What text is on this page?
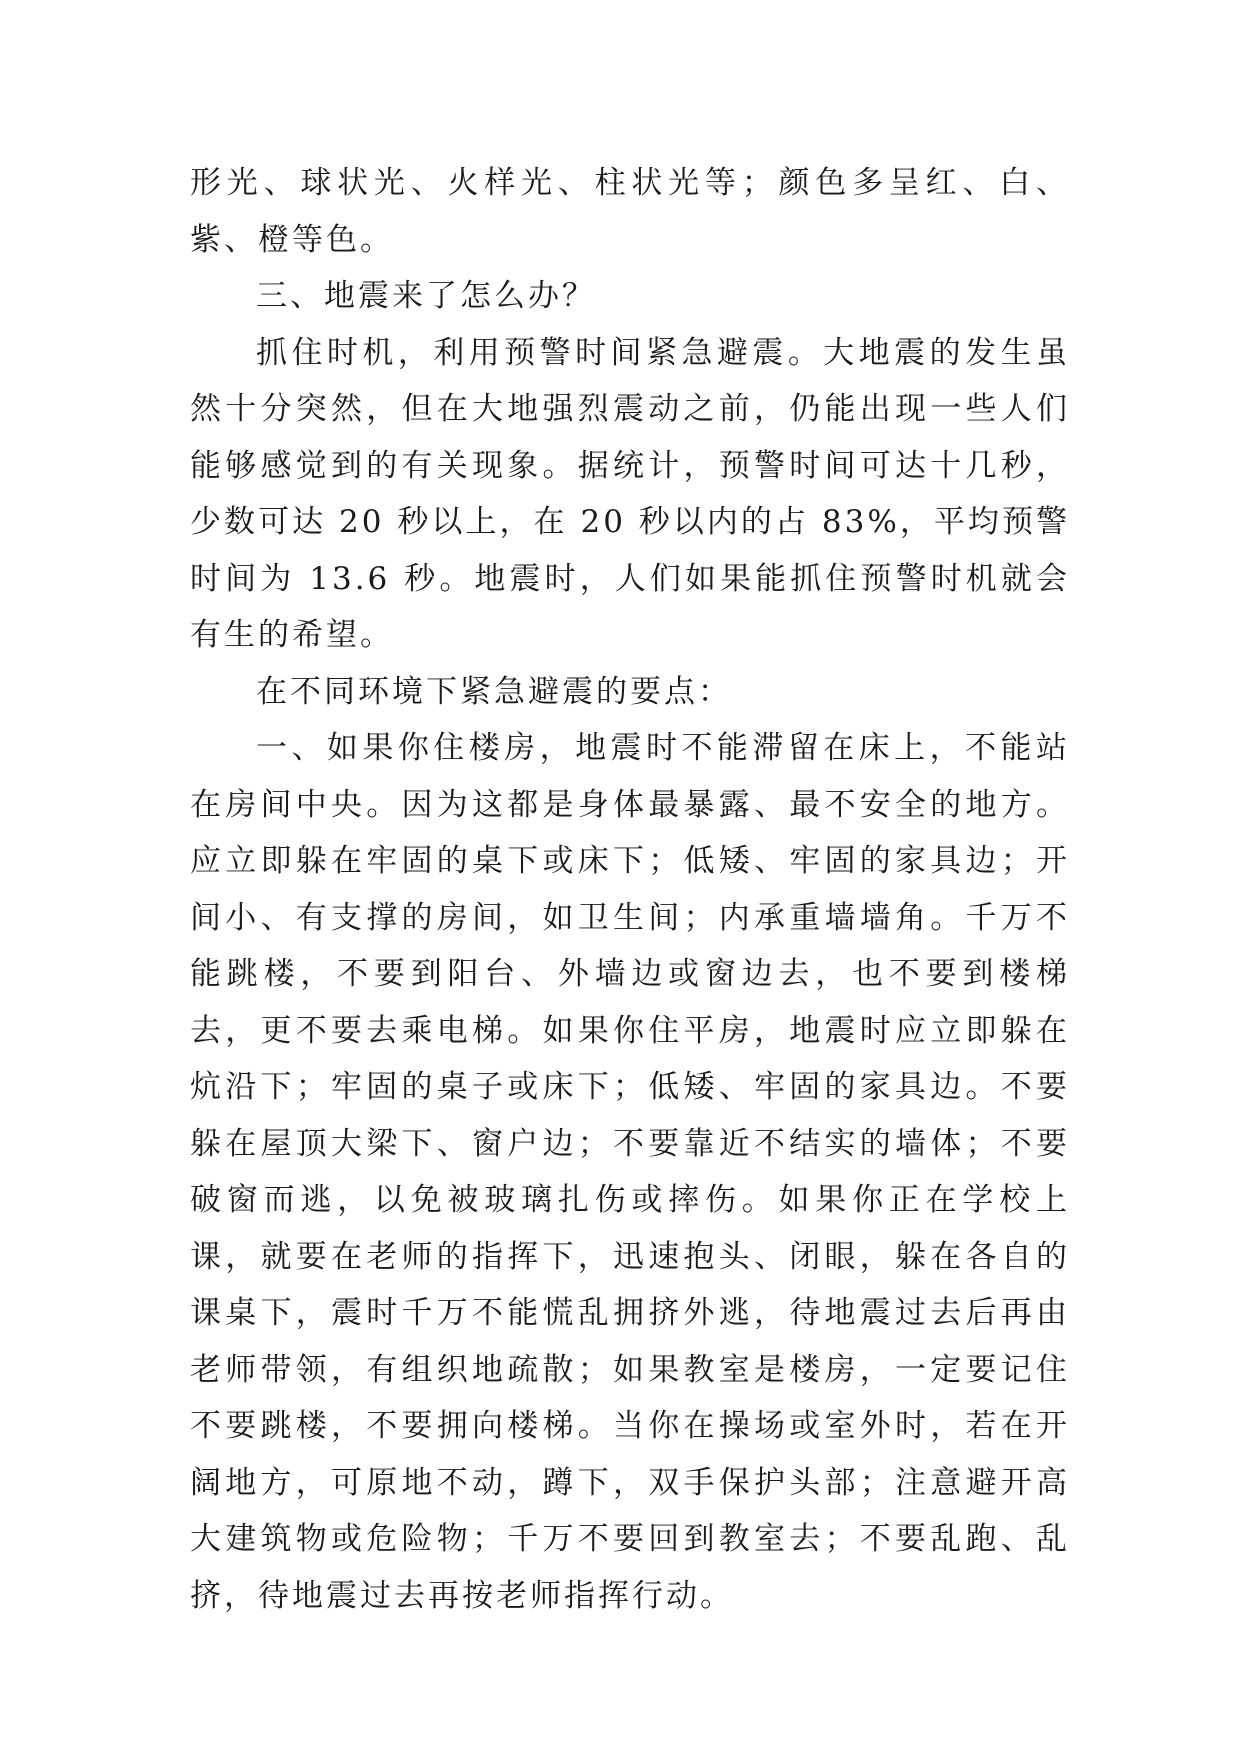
形光、球状光、火样光、柱状光等；颜色多呈红、白、紫、橙等色。

三、地震来了怎么办？

抓住时机，利用预警时间紧急避震。大地震的发生虽然十分突然，但在大地强烈震动之前，仍能出现一些人们能够感觉到的有关现象。据统计，预警时间可达十几秒，少数可达 20 秒以上，在 20 秒以内的占 83%，平均预警时间为 13.6 秒。地震时，人们如果能抓住预警时机就会有生的希望。

在不同环境下紧急避震的要点：

一、如果你住楼房，地震时不能滞留在床上，不能站在房间中央。因为这都是身体最暴露、最不安全的地方。应立即躲在牢固的桌下或床下；低矮、牢固的家具边；开间小、有支撑的房间，如卫生间；内承重墙墙角。千万不能跳楼，不要到阳台、外墙边或窗边去，也不要到楼梯去，更不要去乘电梯。如果你住平房，地震时应立即躲在炕沿下；牢固的桌子或床下；低矮、牢固的家具边。不要躲在屋顶大梁下、窗户边；不要靠近不结实的墙体；不要破窗而逃，以免被玻璃扎伤或摔伤。如果你正在学校上课，就要在老师的指挥下，迅速抱头、闭眼，躲在各自的课桌下，震时千万不能慌乱拥挤外逃，待地震过去后再由老师带领，有组织地疏散；如果教室是楼房，一定要记住不要跳楼，不要拥向楼梯。当你在操场或室外时，若在开阔地方，可原地不动，蹲下，双手保护头部；注意避开高大建筑物或危险物；千万不要回到教室去；不要乱跑、乱挤，待地震过去再按老师指挥行动。
